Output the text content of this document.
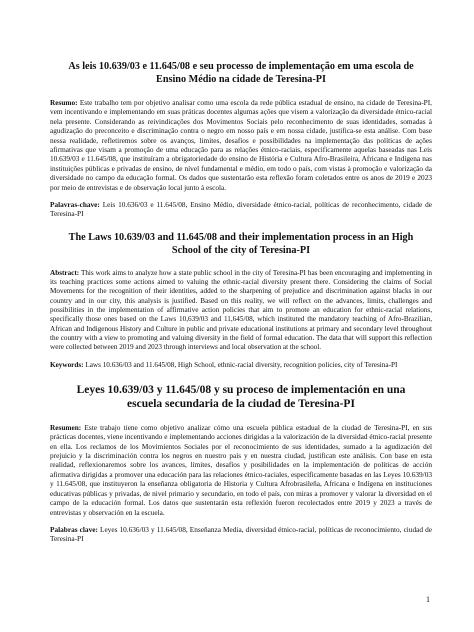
As leis 10.639/03 e 11.645/08 e seu processo de implementação em uma escola de Ensino Médio na cidade de Teresina-PI

Resumo: Este trabalho tem por objetivo analisar como uma escola da rede pública estadual de ensino, na cidade de Teresina-PI, vem incentivando e implementando em suas práticas docentes algumas ações que visem a valorização da diversidade étnico-racial nela presente. Considerando as reivindicações dos Movimentos Sociais pelo reconhecimento de suas identidades, somadas à agudização do preconceito e discriminação contra o negro em nosso país e em nossa cidade, justifica-se esta análise. Com base nessa realidade, refletiremos sobre os avanços, limites, desafios e possibilidades na implementação das políticas de ações afirmativas que visam a promoção de uma educação para as relações étnico-raciais, especificamente aquelas baseadas nas Leis 10.639/03 e 11.645/08, que instituíram a obrigatoriedade do ensino de História e Cultura Afro-Brasileira, Africana e Indígena nas instituições públicas e privadas de ensino, de nível fundamental e médio, em todo o país, com vistas à promoção e valorização da diversidade no campo da educação formal. Os dados que sustentarão esta reflexão foram coletados entre os anos de 2019 e 2023 por meio de entrevistas e de observação local junto à escola.

Palavras-chave: Leis 10.636/03 e 11.645/08, Ensino Médio, diversidade étnico-racial, políticas de reconhecimento, cidade de Teresina-PI

The Laws 10.639/03 and 11.645/08 and their implementation process in an High School of the city of Teresina-PI

Abstract: This work aims to analyze how a state public school in the city of Teresina-PI has been encouraging and implementing in its teaching practices some actions aimed to valuing the ethnic-racial diversity present there. Considering the claims of Social Movements for the recognition of their identities, added to the sharpening of prejudice and discrimination against blacks in our country and in our city, this analysis is justified. Based on this reality, we will reflect on the advances, limits, challenges and possibilities in the implementation of affirmative action policies that aim to promote an education for ethnic-racial relations, specifically those ones based on the Laws 10,639/03 and 11,645/08, which instituted the mandatory teaching of Afro-Brazilian, African and Indigenous History and Culture in public and private educational institutions at primary and secondary level throughout the country with a view to promoting and valuing diversity in the field of formal education. The data that will support this reflection were collected between 2019 and 2023 through interviews and local observation at the school.

Keywords: Laws 10.636/03 and 11.645/08, High School, ethnic-racial diversity, recognition policies, city of Teresina-PI

Leyes 10.639/03 y 11.645/08 y su proceso de implementación en una escuela secundaria de la ciudad de Teresina-PI

Resumen: Este trabajo tiene como objetivo analizar cómo una escuela pública estadual de la ciudad de Teresina-PI, en sus prácticas docentes, viene incentivando e implementando acciones dirigidas a la valorización de la diversidad étnico-racial presente en ella. Los reclamos de los Movimientos Sociales por el reconocimiento de sus identidades, sumado a la agudización del prejuicio y la discriminación contra los negros en nuestro país y en nuestra ciudad, justifican este análisis. Con base en esta realidad, reflexionaremos sobre los avances, límites, desafíos y posibilidades en la implementación de políticas de acción afirmativa dirigidas a promover una educación para las relaciones étnico-raciales, específicamente basadas en las Leyes 10.639/03 y 11.645/08, que instituyeron la enseñanza obligatoria de Historia y Cultura Afrobrasileña, Africana e Indígena en instituciones educativas públicas y privadas, de nivel primario y secundario, en todo el país, con miras a promover y valorar la diversidad en el campo de la educación formal. Los datos que sustentarán esta reflexión fueron recolectados entre 2019 y 2023 a través de entrevistas y observación en la escuela.

Palabras clave: Leyes 10.636/03 y 11.645/08, Enseñanza Media, diversidad étnico-racial, políticas de reconocimiento, ciudad de Teresina-PI

1
